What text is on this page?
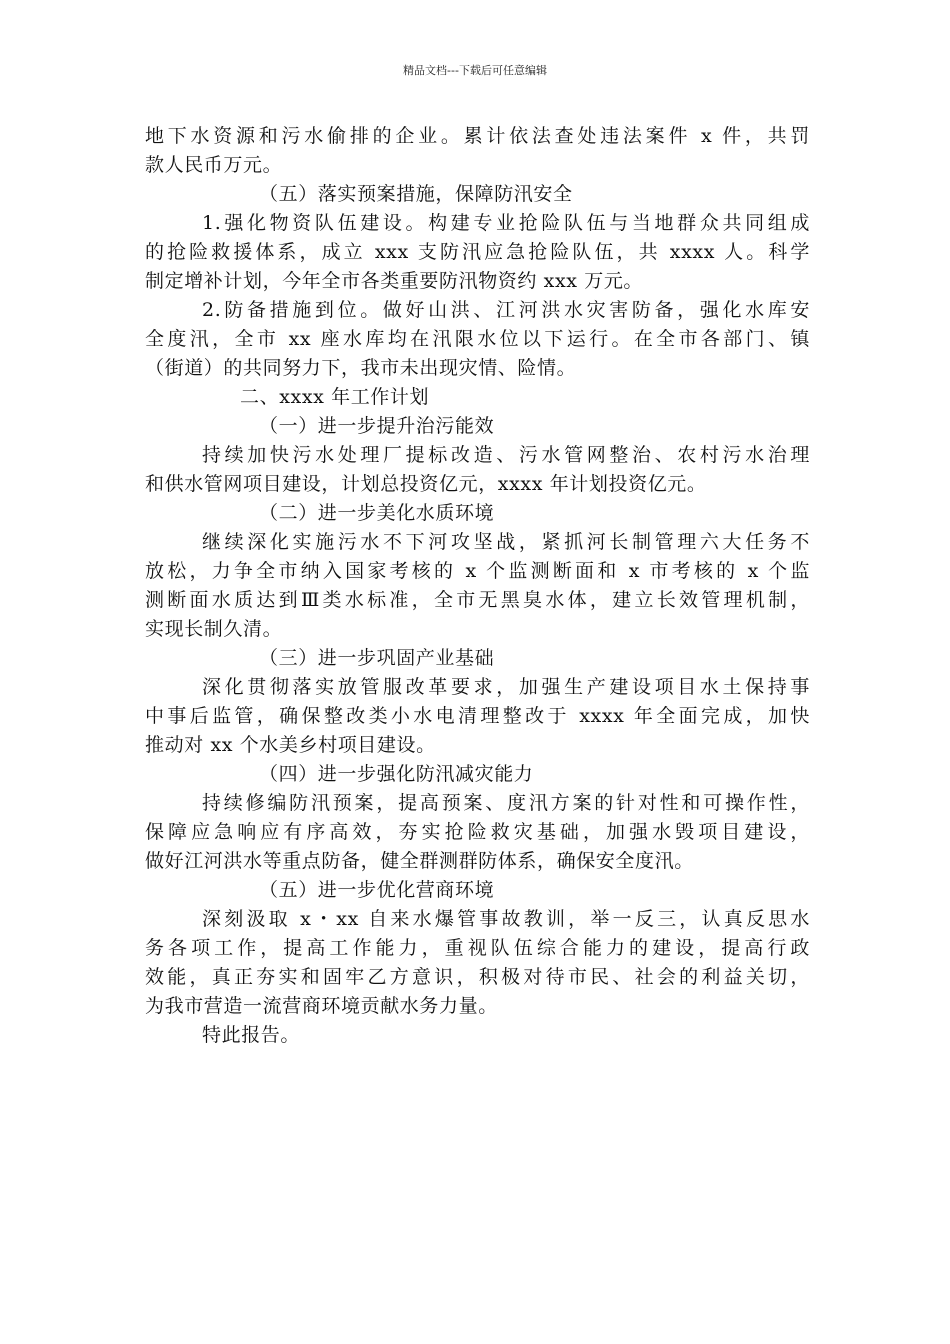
精品文档---下载后可任意编辑
地下水资源和污水偷排的企业。累计依法查处违法案件 x 件，共罚
款人民币万元。
（五）落实预案措施，保障防汛安全
1.强化物资队伍建设。构建专业抢险队伍与当地群众共同组成
的抢险救援体系，成立 xxx 支防汛应急抢险队伍，共 xxxx 人。科学
制定增补计划，今年全市各类重要防汛物资约 xxx 万元。
2.防备措施到位。做好山洪、江河洪水灾害防备，强化水库安
全度汛，全市 xx 座水库均在汛限水位以下运行。在全市各部门、镇
（街道）的共同努力下，我市未出现灾情、险情。
二、xxxx 年工作计划
（一）进一步提升治污能效
持续加快污水处理厂提标改造、污水管网整治、农村污水治理
和供水管网项目建设，计划总投资亿元，xxxx 年计划投资亿元。
（二）进一步美化水质环境
继续深化实施污水不下河攻坚战，紧抓河长制管理六大任务不
放松，力争全市纳入国家考核的 x 个监测断面和 x 市考核的 x 个监
测断面水质达到Ⅲ类水标准，全市无黑臭水体，建立长效管理机制，
实现长制久清。
（三）进一步巩固产业基础
深化贯彻落实放管服改革要求，加强生产建设项目水土保持事
中事后监管，确保整改类小水电清理整改于 xxxx 年全面完成，加快
推动对 xx 个水美乡村项目建设。
（四）进一步强化防汛减灾能力
持续修编防汛预案，提高预案、度汛方案的针对性和可操作性，
保障应急响应有序高效，夯实抢险救灾基础，加强水毁项目建设，
做好江河洪水等重点防备，健全群测群防体系，确保安全度汛。
（五）进一步优化营商环境
深刻汲取 x・xx 自来水爆管事故教训，举一反三，认真反思水
务各项工作，提高工作能力，重视队伍综合能力的建设，提高行政
效能，真正夯实和固牢乙方意识，积极对待市民、社会的利益关切，
为我市营造一流营商环境贡献水务力量。
特此报告。
